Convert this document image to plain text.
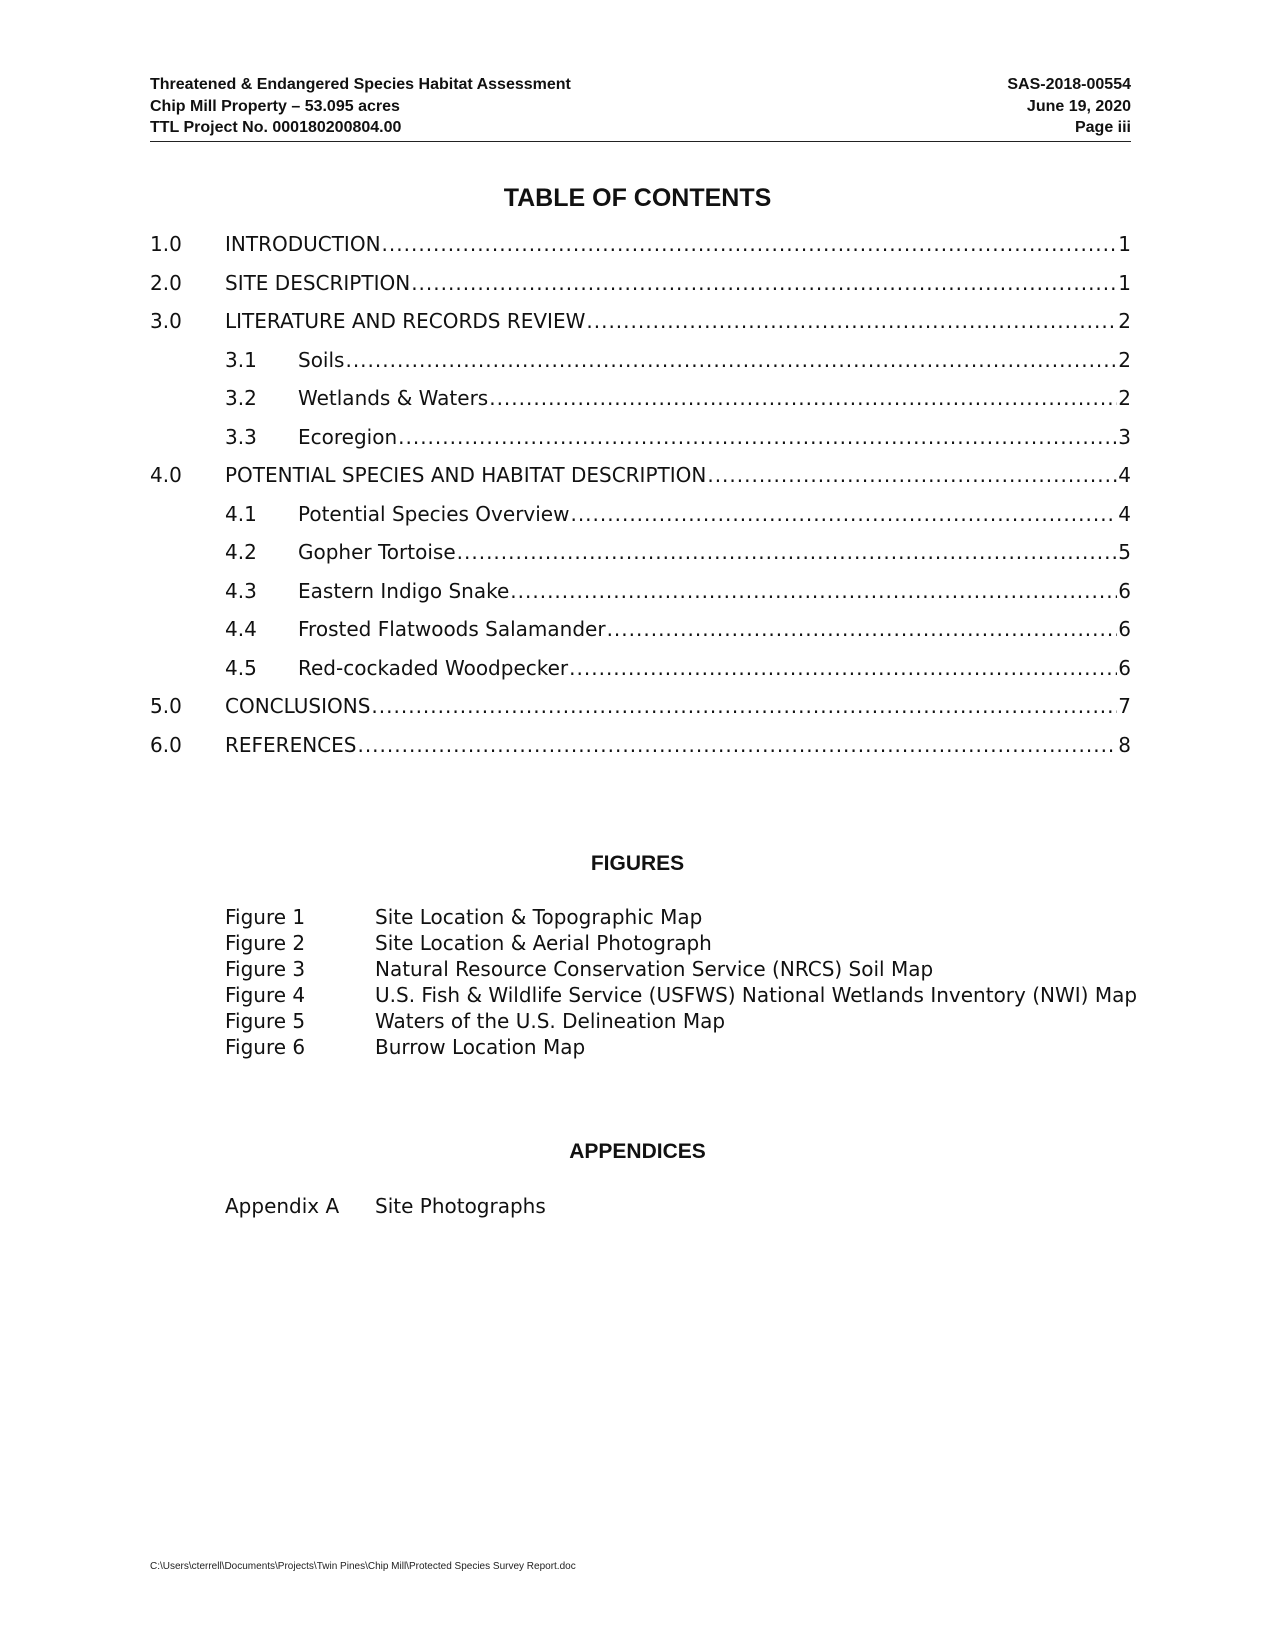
Threatened & Endangered Species Habitat Assessment
Chip Mill Property – 53.095 acres
TTL Project No. 000180200804.00
SAS-2018-00554
June 19, 2020
Page iii
TABLE OF CONTENTS
1.0	INTRODUCTION .....	1
2.0	SITE DESCRIPTION .....	1
3.0	LITERATURE AND RECORDS REVIEW .....	2
3.1	Soils .....	2
3.2	Wetlands & Waters .....	2
3.3	Ecoregion .....	3
4.0	POTENTIAL SPECIES AND HABITAT DESCRIPTION .....	4
4.1	Potential Species Overview .....	4
4.2	Gopher Tortoise .....	5
4.3	Eastern Indigo Snake .....	6
4.4	Frosted Flatwoods Salamander .....	6
4.5	Red-cockaded Woodpecker .....	6
5.0	CONCLUSIONS .....	7
6.0	REFERENCES .....	8
FIGURES
Figure 1	Site Location & Topographic Map
Figure 2	Site Location & Aerial Photograph
Figure 3	Natural Resource Conservation Service (NRCS) Soil Map
Figure 4	U.S. Fish & Wildlife Service (USFWS) National Wetlands Inventory (NWI) Map
Figure 5	Waters of the U.S. Delineation Map
Figure 6	Burrow Location Map
APPENDICES
Appendix A	Site Photographs
C:\Users\cterrell\Documents\Projects\Twin Pines\Chip Mill\Protected Species Survey Report.doc
